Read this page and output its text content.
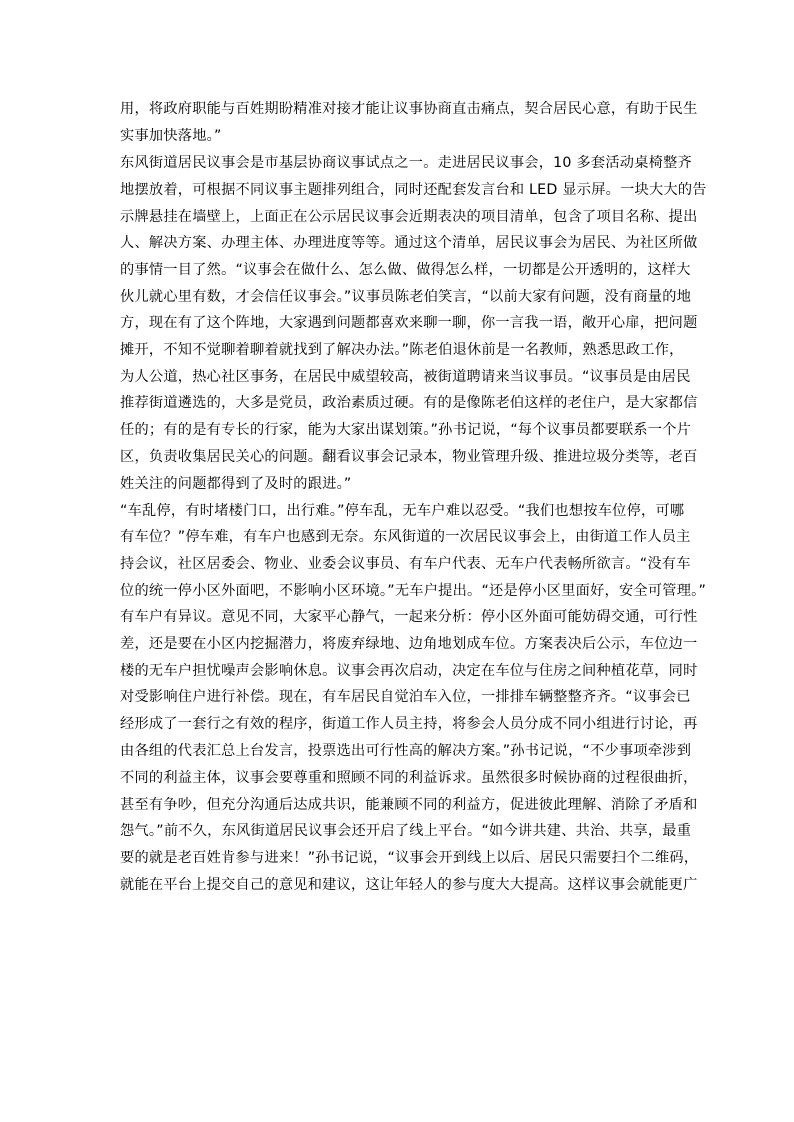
用，将政府职能与百姓期盼精准对接才能让议事协商直击痛点，契合居民心意，有助于民生
实事加快落地。”
东风街道居民议事会是市基层协商议事试点之一。走进居民议事会，10 多套活动桌椅整齐
地摆放着，可根据不同议事主题排列组合，同时还配套发言台和 LED 显示屏。一块大大的告
示牌悬挂在墙壁上，上面正在公示居民议事会近期表决的项目清单，包含了项目名称、提出
人、解决方案、办理主体、办理进度等等。通过这个清单，居民议事会为居民、为社区所做
的事情一目了然。“议事会在做什么、怎么做、做得怎么样，一切都是公开透明的，这样大
伙儿就心里有数，才会信任议事会。”议事员陈老伯笑言，“以前大家有问题，没有商量的地
方，现在有了这个阵地，大家遇到问题都喜欢来聊一聊，你一言我一语，敞开心扉，把问题
摊开，不知不觉聊着聊着就找到了解决办法。”陈老伯退休前是一名教师，熟悉思政工作，
为人公道，热心社区事务，在居民中威望较高，被街道聘请来当议事员。“议事员是由居民
推荐街道遴选的，大多是党员，政治素质过硬。有的是像陈老伯这样的老住户，是大家都信
任的；有的是有专长的行家，能为大家出谋划策。”孙书记说，“每个议事员都要联系一个片
区，负责收集居民关心的问题。翻看议事会记录本，物业管理升级、推进垃圾分类等，老百
姓关注的问题都得到了及时的跟进。”
“车乱停，有时堵楼门口，出行难。”停车乱，无车户难以忍受。“我们也想按车位停，可哪
有车位？”停车难，有车户也感到无奈。东风街道的一次居民议事会上，由街道工作人员主
持会议，社区居委会、物业、业委会议事员、有车户代表、无车户代表畅所欲言。“没有车
位的统一停小区外面吧，不影响小区环境。”无车户提出。“还是停小区里面好，安全可管理。”
有车户有异议。意见不同，大家平心静气，一起来分析：停小区外面可能妨碍交通，可行性
差，还是要在小区内挖掘潜力，将废弃绿地、边角地划成车位。方案表决后公示，车位边一
楼的无车户担忧噪声会影响休息。议事会再次启动，决定在车位与住房之间种植花草，同时
对受影响住户进行补偿。现在，有车居民自觉泊车入位，一排排车辆整整齐齐。“议事会已
经形成了一套行之有效的程序，街道工作人员主持，将参会人员分成不同小组进行讨论，再
由各组的代表汇总上台发言，投票选出可行性高的解决方案。”孙书记说，“不少事项牵涉到
不同的利益主体，议事会要尊重和照顾不同的利益诉求。虽然很多时候协商的过程很曲折，
甚至有争吵，但充分沟通后达成共识，能兼顾不同的利益方，促进彼此理解、消除了矛盾和
怨气。”前不久，东风街道居民议事会还开启了线上平台。“如今讲共建、共治、共享，最重
要的就是老百姓肯参与进来！”孙书记说，“议事会开到线上以后、居民只需要扫个二维码，
就能在平台上提交自己的意见和建议，这让年轻人的参与度大大提高。这样议事会就能更广
